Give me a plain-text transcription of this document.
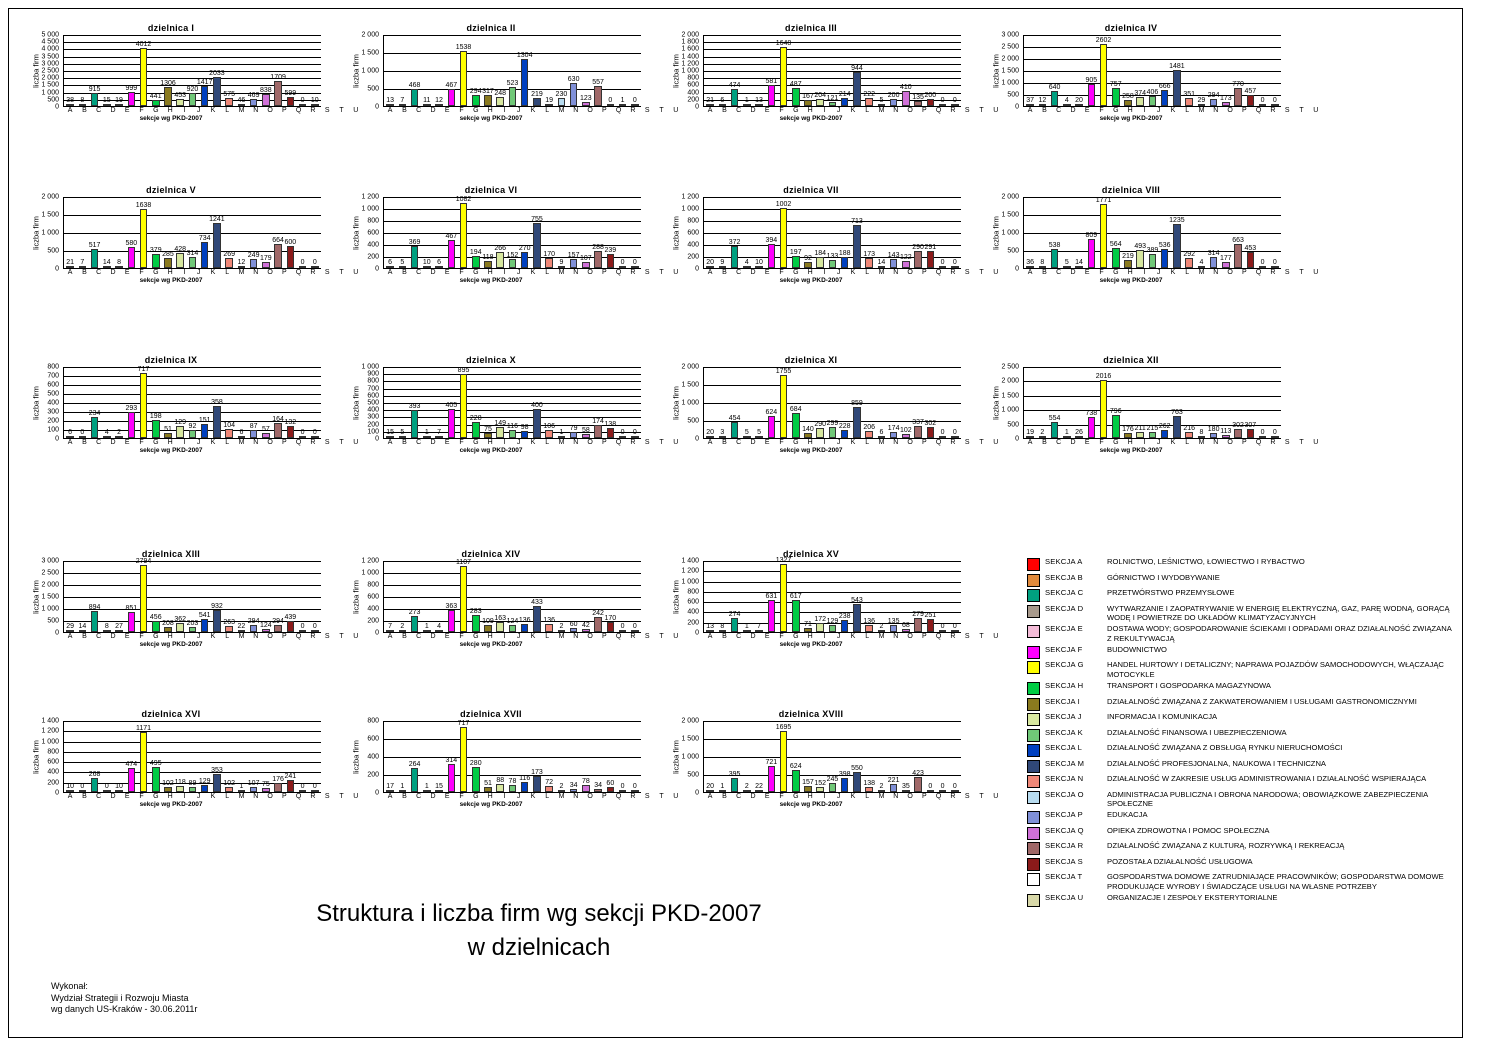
dzielnica I
liczba firm
0
500
1 000
1 500
2 000
2 500
3 000
3 500
4 000
4 500
5 000
38 8
915
15 19
999
4012
441
1306
453
920
1417
2033
575
46
469
838
1709
599
0 10
A	B	C	D	E	F	G	H	I	J	K	L	M	N	O	P	Q	R	S	T	U
sekcje wg PKD-2007
dzielnica II
liczba firm
0
500
1 000
1 500
2 000
13 7
468
11 12
467
1538
294 317 248
523
1304
219
19
230
630
123
557
0 1 0
A	B	C	D	E	F	G	H	I	J	K	L	M	N	O	P	Q	R	S	T	U
sekcje wg PKD-2007
dzielnica III
liczba firm
0
200
400
600
800
1 000
1 200
1 400
1 600
1 800
2 000
21 6
474
1 13
581
1648
487
167 204 121 214
944
222
5
200
410
135 200
0 0
A	B	C	D	E	F	G	H	I	J	K	L	M	N	O	P	Q	R	S	T	U
sekcje wg PKD-2007
dzielnica IV
liczba firm
0
500
1 000
1 500
2 000
2 500
3 000
37 12
640
4 20
905
2602
757
258 374 406
666
1481
351
29
294 173
770
457
0 0
A	B	C	D	E	F	G	H	I	J	K	L	M	N	O	P	Q	R	S	T	U
sekcje wg PKD-2007
dzielnica V
liczba firm
0
500
1 000
1 500
2 000
21 7
517
14 8
580
1638
379 285
428
314
734
1241
269
12
249 179
664 600
0 0
A	B	C	D	E	F	G	H	I	J	K	L	M	N	O	P	Q	R	S	T	U
sekcje wg PKD-2007
dzielnica VI
liczba firm
0
200
400
600
800
1 000
1 200
6 5
369
10 6
467
1082
194
118
266
152
270
755
170
9
157 107
288 239
0 0
A	B	C	D	E	F	G	H	I	J	K	L	M	N	O	P	Q	R	S	T	U
sekcje wg PKD-2007
dzielnica VII
liczba firm
0
200
400
600
800
1 000
1 200
20 9
372
4 10
394
1002
197
92
184 133 188
713
173
14
143 122
290 291
0 0
A	B	C	D	E	F	G	H	I	J	K	L	M	N	O	P	Q	R	S	T	U
sekcje wg PKD-2007
dzielnica VIII
liczba firm
0
500
1 000
1 500
2 000
36 8
538
5 14
809
1771
564
219
493
389
536
1235
292
4
314
177
663
453
0 0
A	B	C	D	E	F	G	H	I	J	K	L	M	N	O	P	Q	R	S	T	U
sekcje wg PKD-2007
dzielnica IX
liczba firm
0
100
200
300
400
500
600
700
800
6 0
234
4 2
293
717
198
51
129 92
151
358
104
6
87 57
164 132
0 0
A	B	C	D	E	F	G	H	I	J	K	L	M	N	O	P	Q	R	S	T	U
sekcje wg PKD-2007
dzielnica X
liczba firm
0
100
200
300
400
500
600
700
800
900
1 000
15 5
393
1 7
405
895
228
75
149 116 98
400
106
1
79 58
174 138
0 0
A	B	C	D	E	F	G	H	I	J	K	L	M	N	O	P	Q	R	S	T	U
cekcje wg PKD-2007
dzielnica XI
liczba firm
0
500
1 000
1 500
2 000
20 3
454
5 5
624
1755
684
140
290 299 228
859
206
6
174 102
337 302
0 0
A	B	C	D	E	F	G	H	I	J	K	L	M	N	O	P	Q	R	S	T	U
sekcje wg PKD-2007
dzielnica XII
liczba firm
0
500
1 000
1 500
2 000
2 500
19 2
554
1 26
738
2016
796
176 211 215 262
763
216
8 180 113
302 307
0 0
A	B	C	D	E	F	G	H	I	J	K	L	M	N	O	P	Q	R	S	T	U
sekcje wg PKD-2007
dzielnica XIII
liczba firm
0
500
1 000
1 500
2 000
2 500
3 000
29 14
894
8 27
851
2794
456
208
362
203
541
932
263
22
294
124
294 439
0 0
A	B	C	D	E	F	G	H	I	J	K	L	M	N	O	P	Q	R	S	T	U
sekcje wg PKD-2007
dzielnica XIV
liczba firm
0
200
400
600
800
1 000
1 200
7 2
273
1 4
363
1107
283
109 163 124 136
433
136
2 60 42
242
170
0 0
A	B	C	D	E	F	G	H	I	J	K	L	M	N	O	P	Q	R	S	T	U
sekcje wg PKD-2007
dzielnica XV
liczba firm
0
200
400
600
800
1 000
1 200
1 400
13 8
274
1 7
631
1327
617
71
172 129
238
543
136
2
135 68
279 251
0 0
A	B	C	D	E	F	G	H	I	J	K	L	M	N	O	P	Q	R	S	T	U
sekcje wg PKD-2007
dzielnica XVI
liczba firm
0
200
400
600
800
1 000
1 200
1 400
10 0
268
0 10
474
1171
495
102 118 89 129
353
102 1 107 75
176 241
0 0
A	B	C	D	E	F	G	H	I	J	K	L	M	N	O	P	Q	R	S	T	U
sekcje wg PKD-2007
dzielnica XVII
liczba firm
0
200
400
600
800
17 1
264
1 15
314
717
280
51 88 78 116
173
72
2 34
78
34 60 0 0
A	B	C	D	E	F	G	H	I	J	K	L	M	N	O	P	Q	R	S	T	U
sekcje wg PKD-2007
dzielnica XVIII
liczba firm
0
500
1 000
1 500
2 000
20 1
395
2 22
721
1695
624
157 152 245
398
550
138 2
221
35
423
0 0 0
A	B	C	D	E	F	G	H	I	J	K	L	M	N	O	P	Q	R	S	T	U
sekcje wg PKD-2007
SEKCJA A	ROLNICTWO, LEŚNICTWO, ŁOWIECTWO I RYBACTWO
SEKCJA B	GÓRNICTWO I WYDOBYWANIE
SEKCJA C	PRZETWÓRSTWO PRZEMYSŁOWE
SEKCJA D	WYTWARZANIE I ZAOPATRYWANIE W ENERGIĘ ELEKTRYCZNĄ, GAZ, PARĘ WODNĄ, GORĄCĄ WODĘ I POWIETRZE DO UKŁADÓW KLIMATYZACYJNYCH
SEKCJA E	DOSTAWA WODY; GOSPODAROWANIE ŚCIEKAMI I ODPADAMI ORAZ DZIAŁALNOŚĆ ZWIĄZANA Z REKULTYWACJĄ
SEKCJA F	BUDOWNICTWO
SEKCJA G	HANDEL HURTOWY I DETALICZNY; NAPRAWA POJAZDÓW SAMOCHODOWYCH, WŁĄCZAJĄC MOTOCYKLE
SEKCJA H	TRANSPORT I GOSPODARKA MAGAZYNOWA
SEKCJA I	DZIAŁALNOŚĆ ZWIĄZANA Z ZAKWATEROWANIEM I USŁUGAMI GASTRONOMICZNYMI
SEKCJA J	INFORMACJA I KOMUNIKACJA
SEKCJA K	DZIAŁALNOŚĆ FINANSOWA I UBEZPIECZENIOWA
SEKCJA L	DZIAŁALNOŚĆ ZWIĄZANA Z OBSŁUGĄ RYNKU NIERUCHOMOŚCI
SEKCJA M	DZIAŁALNOŚĆ PROFESJONALNA, NAUKOWA I TECHNICZNA
SEKCJA N	DZIAŁALNOŚĆ W ZAKRESIE USŁUG ADMINISTROWANIA I DZIAŁALNOŚĆ WSPIERAJĄCA
SEKCJA O	ADMINISTRACJA PUBLICZNA I OBRONA NARODOWA; OBOWIĄZKOWE ZABEZPIECZENIA SPOŁECZNE
SEKCJA P	EDUKACJA
SEKCJA Q	OPIEKA ZDROWOTNA I POMOC SPOŁECZNA
SEKCJA R	DZIAŁALNOŚĆ ZWIĄZANA Z KULTURĄ, ROZRYWKĄ I REKREACJĄ
SEKCJA S	POZOSTAŁA DZIAŁALNOŚĆ USŁUGOWA
SEKCJA T	GOSPODARSTWA DOMOWE ZATRUDNIAJĄCE PRACOWNIKÓW; GOSPODARSTWA DOMOWE PRODUKUJĄCE WYROBY I ŚWIADCZĄCE USŁUGI NA WŁASNE POTRZEBY
SEKCJA U	ORGANIZACJE I ZESPOŁY EKSTERYTORIALNE
Struktura i liczba firm wg sekcji PKD-2007
w dzielnicach
Wykonał:
Wydział Strategii i Rozwoju Miasta
wg danych US-Kraków - 30.06.2011r
